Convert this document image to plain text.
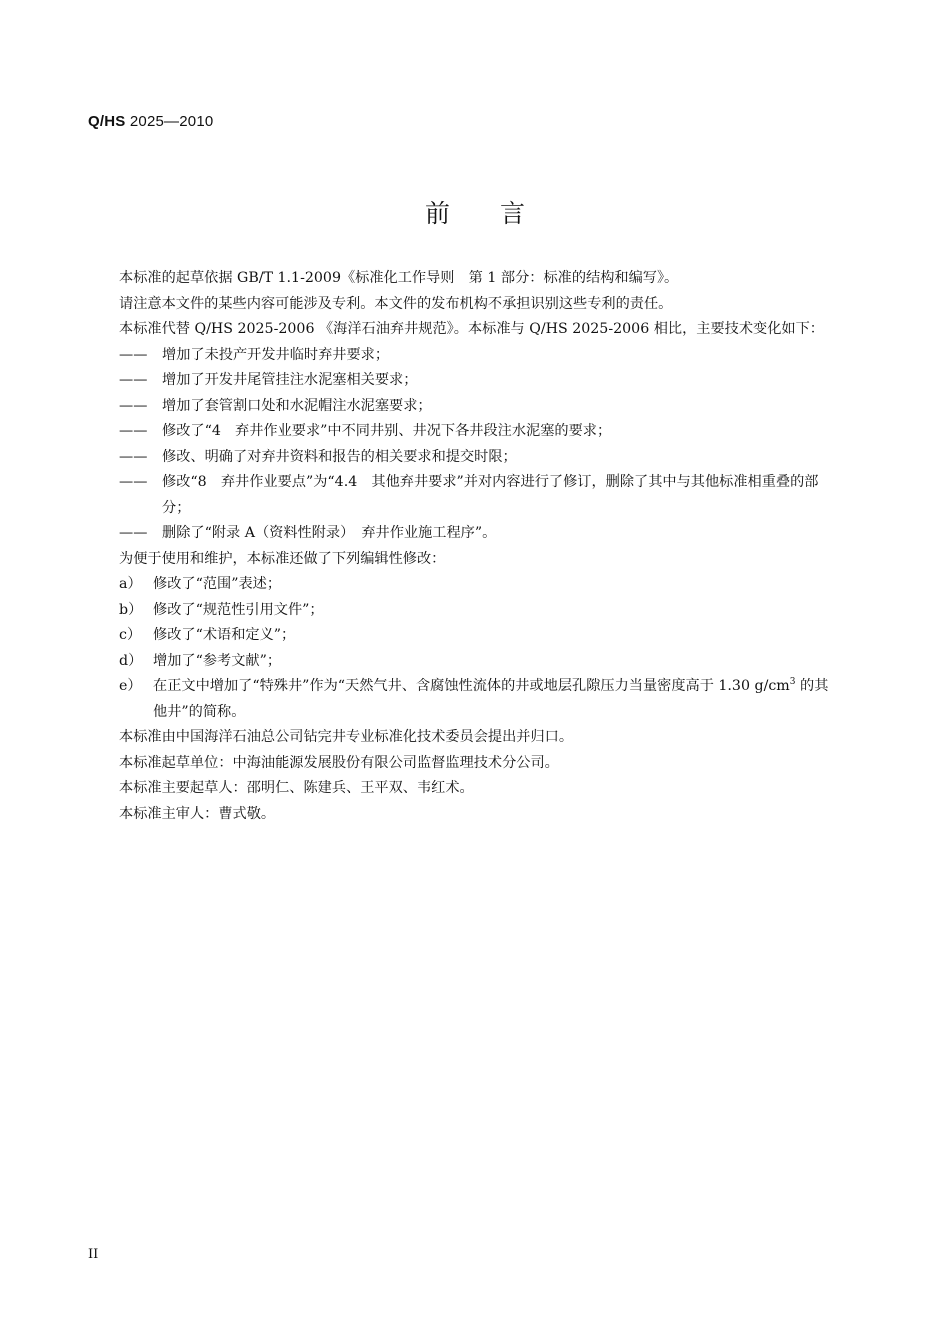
Q/HS 2025—2010
前　　言

本标准的起草依据 GB/T 1.1-2009《标准化工作导则　第 1 部分：标准的结构和编写》。

请注意本文件的某些内容可能涉及专利。本文件的发布机构不承担识别这些专利的责任。

本标准代替 Q/HS 2025-2006 《海洋石油弃井规范》。本标准与 Q/HS 2025-2006 相比，主要技术变化如下：

—— 增加了未投产开发井临时弃井要求；

—— 增加了开发井尾管挂注水泥塞相关要求；

—— 增加了套管割口处和水泥帽注水泥塞要求；

—— 修改了“4　弃井作业要求”中不同井别、井况下各井段注水泥塞的要求；

—— 修改、明确了对弃井资料和报告的相关要求和提交时限；

—— 修改“8　弃井作业要点”为“4.4　其他弃井要求”并对内容进行了修订，删除了其中与其他标准相重叠的部分；

—— 删除了“附录 A（资料性附录）　弃井作业施工程序”。

为便于使用和维护，本标准还做了下列编辑性修改：

a） 修改了“范围”表述；

b） 修改了“规范性引用文件”；

c） 修改了“术语和定义”；

d） 增加了“参考文献”；

e） 在正文中增加了“特殊井”作为“天然气井、含腐蚀性流体的井或地层孔隙压力当量密度高于 1.30 $g/cm^3$ 的其他井”的简称。

本标准由中国海洋石油总公司钻完井专业标准化技术委员会提出并归口。

本标准起草单位：中海油能源发展股份有限公司监督监理技术分公司。

本标准主要起草人：邵明仁、陈建兵、王平双、韦红术。

本标准主审人：曹式敬。

II
